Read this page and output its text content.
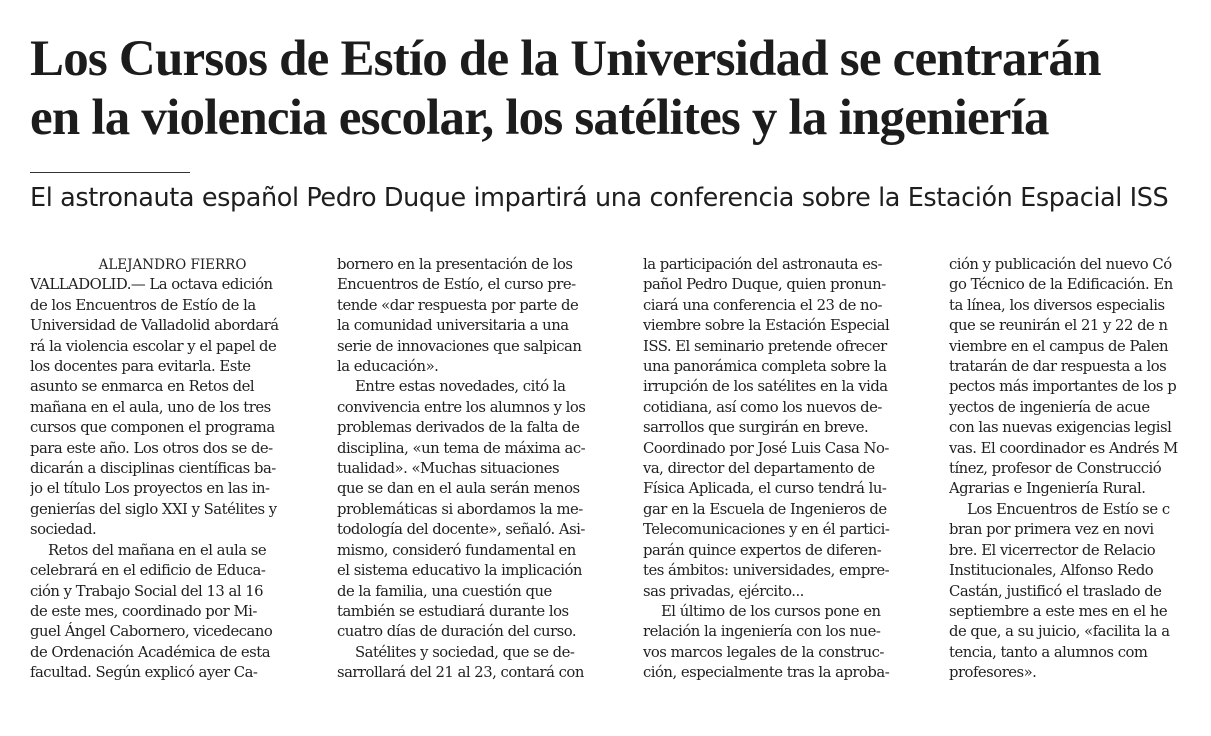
Los Cursos de Estío de la Universidad se centrarán
en la violencia escolar, los satélites y la ingeniería
El astronauta español Pedro Duque impartirá una conferencia sobre la Estación Espacial ISS
ALEJANDRO FIERRO
VALLADOLID.— La octava edición
de los Encuentros de Estío de la
Universidad de Valladolid abordará
rá la violencia escolar y el papel de
los docentes para evitarla. Este
asunto se enmarca en Retos del
mañana en el aula, uno de los tres
cursos que componen el programa
para este año. Los otros dos se de-
dicarán a disciplinas científicas ba-
jo el título Los proyectos en las in-
genierías del siglo XXI y Satélites y
sociedad.
Retos del mañana en el aula se
celebrará en el edificio de Educa-
ción y Trabajo Social del 13 al 16
de este mes, coordinado por Mi-
guel Ángel Cabornero, vicedecano
de Ordenación Académica de esta
facultad. Según explicó ayer Ca-
bornero en la presentación de los
Encuentros de Estío, el curso pre-
tende «dar respuesta por parte de
la comunidad universitaria a una
serie de innovaciones que salpican
la educación».
Entre estas novedades, citó la
convivencia entre los alumnos y los
problemas derivados de la falta de
disciplina, «un tema de máxima ac-
tualidad». «Muchas situaciones
que se dan en el aula serán menos
problemáticas si abordamos la me-
todología del docente», señaló. Asi-
mismo, consideró fundamental en
el sistema educativo la implicación
de la familia, una cuestión que
también se estudiará durante los
cuatro días de duración del curso.
Satélites y sociedad, que se de-
sarrollará del 21 al 23, contará con
la participación del astronauta es-
pañol Pedro Duque, quien pronun-
ciará una conferencia el 23 de no-
viembre sobre la Estación Especial
ISS. El seminario pretende ofrecer
una panorámica completa sobre la
irrupción de los satélites en la vida
cotidiana, así como los nuevos de-
sarrollos que surgirán en breve.
Coordinado por José Luis Casa No-
va, director del departamento de
Física Aplicada, el curso tendrá lu-
gar en la Escuela de Ingenieros de
Telecomunicaciones y en él partici-
parán quince expertos de diferen-
tes ámbitos: universidades, empre-
sas privadas, ejército...
El último de los cursos pone en
relación la ingeniería con los nue-
vos marcos legales de la construc-
ción, especialmente tras la aproba-
ción y publicación del nuevo Có
go Técnico de la Edificación. En
ta línea, los diversos especialis
que se reunirán el 21 y 22 de n
viembre en el campus de Palen
tratarán de dar respuesta a los
pectos más importantes de los p
yectos de ingeniería de acue
con las nuevas exigencias legisl
vas. El coordinador es Andrés M
tínez, profesor de Construcció
Agrarias e Ingeniería Rural.
Los Encuentros de Estío se c
bran por primera vez en novi
bre. El vicerrector de Relacio
Institucionales, Alfonso Redo
Castán, justificó el traslado de
septiembre a este mes en el he
de que, a su juicio, «facilita la a
tencia, tanto a alumnos com
profesores».
